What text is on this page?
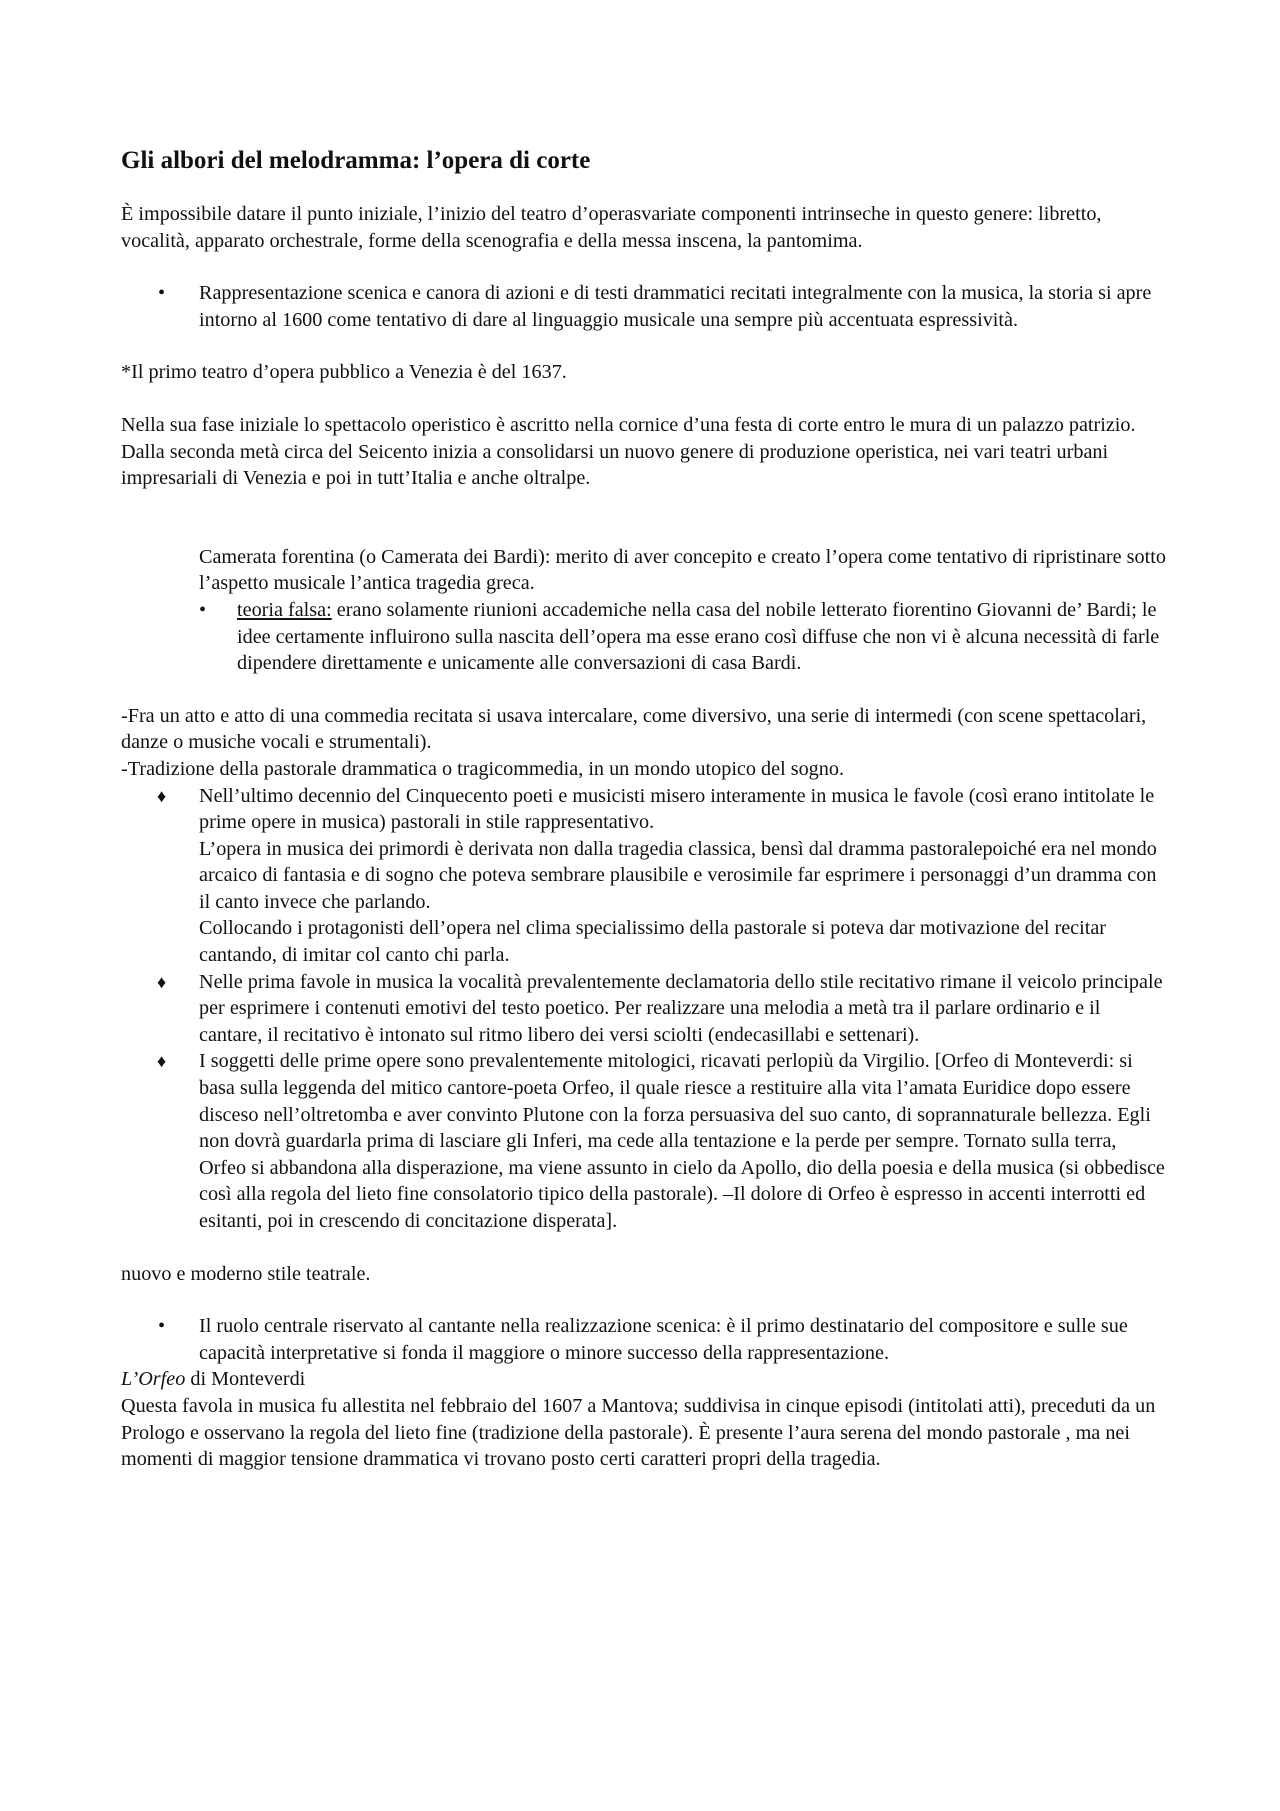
Gli albori del melodramma: l’opera di corte

È impossibile datare il punto iniziale, l’inizio del teatro d’operasvariate componenti intrinseche in questo genere: libretto, vocalità, apparato orchestrale, forme della scenografia e della messa inscena, la pantomima.

• Rappresentazione scenica e canora di azioni e di testi drammatici recitati integralmente con la musica, la storia si apre intorno al 1600 come tentativo di dare al linguaggio musicale una sempre più accentuata espressività.

*Il primo teatro d’opera pubblico a Venezia è del 1637.

Nella sua fase iniziale lo spettacolo operistico è ascritto nella cornice d’una festa di corte entro le mura di un palazzo patrizio.

Dalla seconda metà circa del Seicento inizia a consolidarsi un nuovo genere di produzione operistica, nei vari teatri urbani impresariali di Venezia e poi in tutt’Italia e anche oltralpe.

Camerata forentina (o Camerata dei Bardi): merito di aver concepito e creato l’opera come tentativo di ripristinare sotto l’aspetto musicale l’antica tragedia greca.

• teoria falsa: erano solamente riunioni accademiche nella casa del nobile letterato fiorentino Giovanni de’ Bardi; le idee certamente influirono sulla nascita dell’opera ma esse erano così diffuse che non vi è alcuna necessità di farle dipendere direttamente e unicamente alle conversazioni di casa Bardi.

-Fra un atto e atto di una commedia recitata si usava intercalare, come diversivo, una serie di intermedi (con scene spettacolari, danze o musiche vocali e strumentali).

-Tradizione della pastorale drammatica o tragicommedia, in un mondo utopico del sogno.

♦ Nell’ultimo decennio del Cinquecento poeti e musicisti misero interamente in musica le favole (così erano intitolate le prime opere in musica) pastorali in stile rappresentativo.

L’opera in musica dei primordi è derivata non dalla tragedia classica, bensì dal dramma pastoralepoiché era nel mondo arcaico di fantasia e di sogno che poteva sembrare plausibile e verosimile far esprimere i personaggi d’un dramma con il canto invece che parlando.

Collocando i protagonisti dell’opera nel clima specialissimo della pastorale si poteva dar motivazione del recitar cantando, di imitar col canto chi parla.

♦ Nelle prima favole in musica la vocalità prevalentemente declamatoria dello stile recitativo rimane il veicolo principale per esprimere i contenuti emotivi del testo poetico. Per realizzare una melodia a metà tra il parlare ordinario e il cantare, il recitativo è intonato sul ritmo libero dei versi sciolti (endecasillabi e settenari).
♦ I soggetti delle prime opere sono prevalentemente mitologici, ricavati perlopiù da Virgilio. [Orfeo di Monteverdi: si basa sulla leggenda del mitico cantore-poeta Orfeo, il quale riesce a restituire alla vita l’amata Euridice dopo essere disceso nell’oltretomba e aver convinto Plutone con la forza persuasiva del suo canto, di soprannaturale bellezza. Egli non dovrà guardarla prima di lasciare gli Inferi, ma cede alla tentazione e la perde per sempre. Tornato sulla terra, Orfeo si abbandona alla disperazione, ma viene assunto in cielo da Apollo, dio della poesia e della musica (si obbedisce così alla regola del lieto fine consolatorio tipico della pastorale). –Il dolore di Orfeo è espresso in accenti interrotti ed esitanti, poi in crescendo di concitazione disperata].

nuovo e moderno stile teatrale.

• Il ruolo centrale riservato al cantante nella realizzazione scenica: è il primo destinatario del compositore e sulle sue capacità interpretative si fonda il maggiore o minore successo della rappresentazione.

L’Orfeo di Monteverdi

Questa favola in musica fu allestita nel febbraio del 1607 a Mantova; suddivisa in cinque episodi (intitolati atti), preceduti da un Prologo e osservano la regola del lieto fine (tradizione della pastorale). È presente l’aura serena del mondo pastorale , ma nei momenti di maggior tensione drammatica vi trovano posto certi caratteri propri della tragedia.
